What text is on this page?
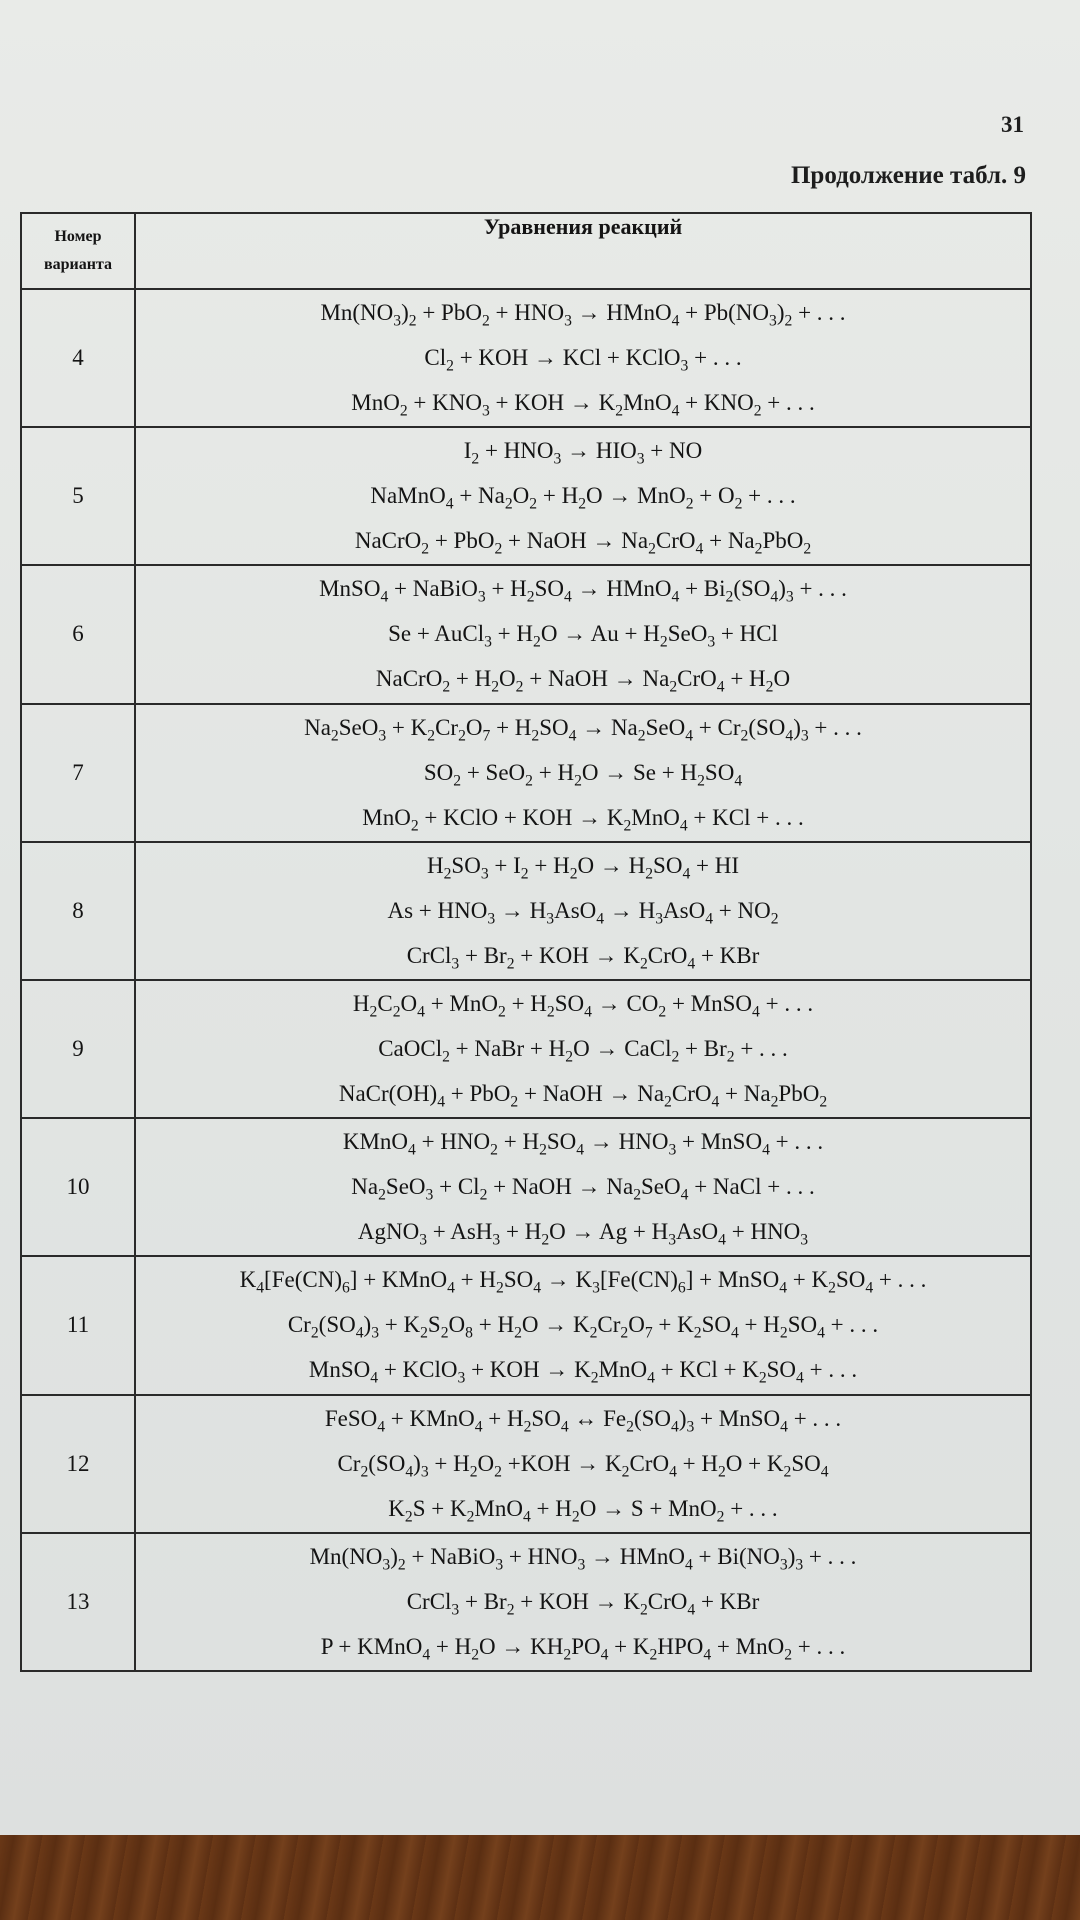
31
Продолжение табл. 9
Номер варианта	Уравнения реакций
4	$Mn(NO_3)_2 + PbO_2 + HNO_3$ → HMnO$_4$ + $Pb(NO_3)_2$ + . . .
$Cl_2$ + KOH → KCl + KClO$_3$ + . . .
$MnO_2 + KNO_3$ + KOH → $K_2MnO_4 + KNO_2$ + . . .

5	$I_2 + HNO_3 \to HIO_3$ + NO
NaMnO$_4$ + $Na_2O_2 + H_2O \to MnO_2 + O_2$ + . . .
NaCrO$_2$ + PbO$_2$ + NaOH → $Na_2CrO_4 + Na_2PbO_2$

6	MnSO$_4$ + NaBiO$_3$ + $H_2SO_4$ → HMnO$_4$ + $Bi_2(SO_4)_3$ + . . .
Se + AuCl$_3$ + $H_2O \to Au + H_2SeO_3$ + HCl
NaCrO$_2$ + $H_2O_2$ + NaOH → $Na_2CrO_4 + H_2O$

7	$Na_2SeO_3 + K_2Cr_2O_7 + H_2SO_4 \to Na_2SeO_4 + Cr_2(SO_4)_3$ + . . .
$SO_2 + SeO_2 + H_2O \to Se + H_2SO_4$
MnO$_2$ + KClO + KOH → $K_2MnO_4$ + KCl + . . .

8	$H_2SO_3 + I_2 + H_2O \to H_2SO_4$ + HI
$As + HNO_3 \to H_3AsO_4 \to H_3AsO_4 + NO_2$
CrCl$_3$ + $Br_2$ + KOH → $K_2CrO_4$ + KBr

9	$H_2C_2O_4 + MnO_2 + H_2SO_4 \to CO_2$ + MnSO$_4$ + . . .
CaOCl$_2$ + NaBr + $H_2O$ → CaCl$_2$ + $Br_2$ + . . .
$NaCr(OH)_4 + PbO_2$ + NaOH → $Na_2CrO_4 + Na_2PbO_2$

10	KMnO$_4$ + $HNO_2 + H_2SO_4 \to HNO_3$ + MnSO$_4$ + . . .
$Na_2SeO_3 + Cl_2$ + NaOH → $Na_2SeO_4$ + NaCl + . . .
AgNO$_3$ + $AsH_3 + H_2O \to Ag + H_3AsO_4 + HNO_3$

11	$K_4[Fe(CN)_6]$ + KMnO$_4$ + $H_2SO_4 \to K_3[Fe(CN)_6]$ + MnSO$_4$ + $K_2SO_4$ + . . .
$Cr_2(SO_4)_3 + K_2S_2O_8 + H_2O \to K_2Cr_2O_7 + K_2SO_4 + H_2SO_4$ + . . .
MnSO$_4$ + KClO$_3$ + KOH → $K_2MnO_4$ + KCl + $K_2SO_4$ + . . .

12	FeSO$_4$ + KMnO$_4$ + $H_2SO_4$ ↔ $Fe_2(SO_4)_3$ + MnSO$_4$ + . . .
$Cr_2(SO_4)_3 + H_2O_2 +KOH \to K_2CrO_4 + H_2O + K_2SO_4$
$K_2S + K_2MnO_4 + H_2O \to S + MnO_2$ + . . .

13	$Mn(NO_3)_2$ + NaBiO$_3$ + $HNO_3$ → HMnO$_4$ + $Bi(NO_3)_3$ + . . .
CrCl$_3$ + $Br_2$ + KOH → $K_2CrO_4$ + KBr
P + KMnO$_4$ + $H_2O \to KH_2PO_4 + K_2HPO_4 + MnO_2$ + . . .
